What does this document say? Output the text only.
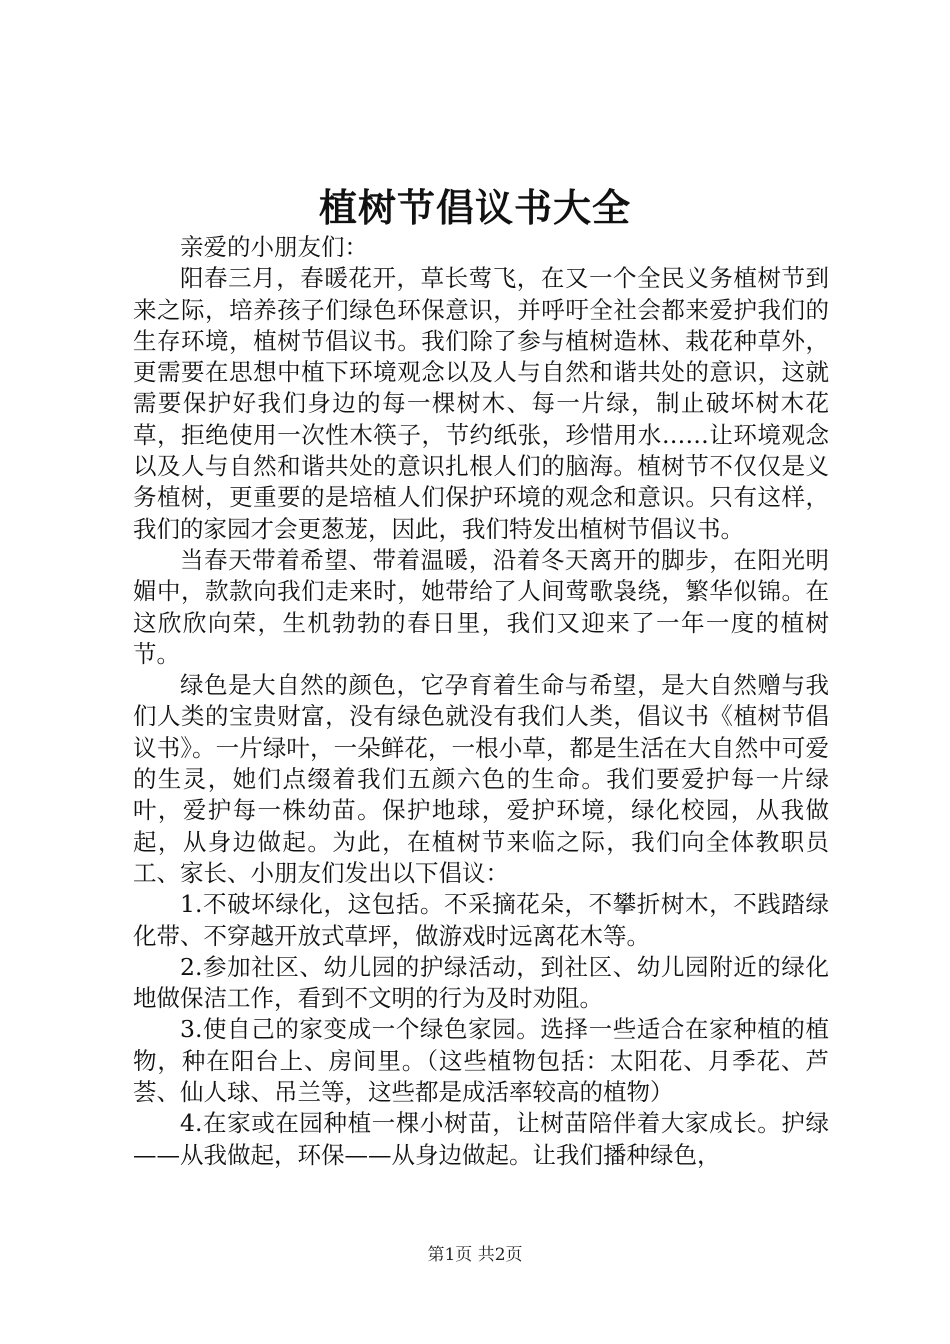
植树节倡议书大全

亲爱的小朋友们：

阳春三月，春暖花开，草长莺飞，在又一个全民义务植树节到来之际，培养孩子们绿色环保意识，并呼吁全社会都来爱护我们的生存环境，植树节倡议书。我们除了参与植树造林、栽花种草外，更需要在思想中植下环境观念以及人与自然和谐共处的意识，这就需要保护好我们身边的每一棵树木、每一片绿，制止破坏树木花草，拒绝使用一次性木筷子，节约纸张，珍惜用水……让环境观念以及人与自然和谐共处的意识扎根人们的脑海。植树节不仅仅是义务植树，更重要的是培植人们保护环境的观念和意识。只有这样，我们的家园才会更葱茏，因此，我们特发出植树节倡议书。

当春天带着希望、带着温暖，沿着冬天离开的脚步，在阳光明媚中，款款向我们走来时，她带给了人间莺歌袅绕，繁华似锦。在这欣欣向荣，生机勃勃的春日里，我们又迎来了一年一度的植树节。

绿色是大自然的颜色，它孕育着生命与希望，是大自然赠与我们人类的宝贵财富，没有绿色就没有我们人类，倡议书《植树节倡议书》。一片绿叶，一朵鲜花，一根小草，都是生活在大自然中可爱的生灵，她们点缀着我们五颜六色的生命。我们要爱护每一片绿叶，爱护每一株幼苗。保护地球，爱护环境，绿化校园，从我做起，从身边做起。为此，在植树节来临之际，我们向全体教职员工、家长、小朋友们发出以下倡议：

1.不破坏绿化，这包括。不采摘花朵，不攀折树木，不践踏绿化带、不穿越开放式草坪，做游戏时远离花木等。

2.参加社区、幼儿园的护绿活动，到社区、幼儿园附近的绿化地做保洁工作，看到不文明的行为及时劝阻。

3.使自己的家变成一个绿色家园。选择一些适合在家种植的植物，种在阳台上、房间里。（这些植物包括：太阳花、月季花、芦荟、仙人球、吊兰等，这些都是成活率较高的植物）

4.在家或在园种植一棵小树苗，让树苗陪伴着大家成长。护绿——从我做起，环保——从身边做起。让我们播种绿色，

第1页 共2页
